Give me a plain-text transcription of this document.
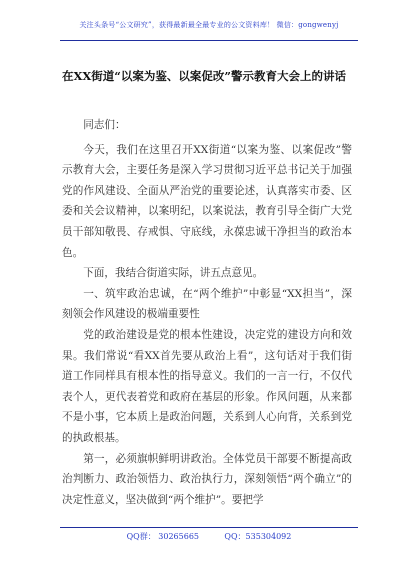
关注头条号“公文研究”，获得最新最全最专业的公文资料库！ 微信：gongwenyj
在XX街道“以案为鉴、以案促改”警示教育大会上的讲话

同志们：

今天，我们在这里召开XX街道“以案为鉴、以案促改”警示教育大会，主要任务是深入学习贯彻习近平总书记关于加强党的作风建设、全面从严治党的重要论述，认真落实市委、区委和关会议精神，以案明纪，以案说法，教育引导全街广大党员干部知敬畏、存戒惧、守底线，永葆忠诚干净担当的政治本色。

下面，我结合街道实际，讲五点意见。

一、筑牢政治忠诚，在“两个维护”中彰显“XX担当”，深刻领会作风建设的极端重要性

党的政治建设是党的根本性建设，决定党的建设方向和效果。我们常说“看XX首先要从政治上看”，这句话对于我们街道工作同样具有根本性的指导意义。我们的一言一行，不仅代表个人，更代表着党和政府在基层的形象。作风问题，从来都不是小事，它本质上是政治问题，关系到人心向背，关系到党的执政根基。

第一，必须旗帜鲜明讲政治。全体党员干部要不断提高政治判断力、政治领悟力、政治执行力，深刻领悟“两个确立”的决定性意义，坚决做到“两个维护”。要把学

QQ群： 30265665          QQ：535304092
